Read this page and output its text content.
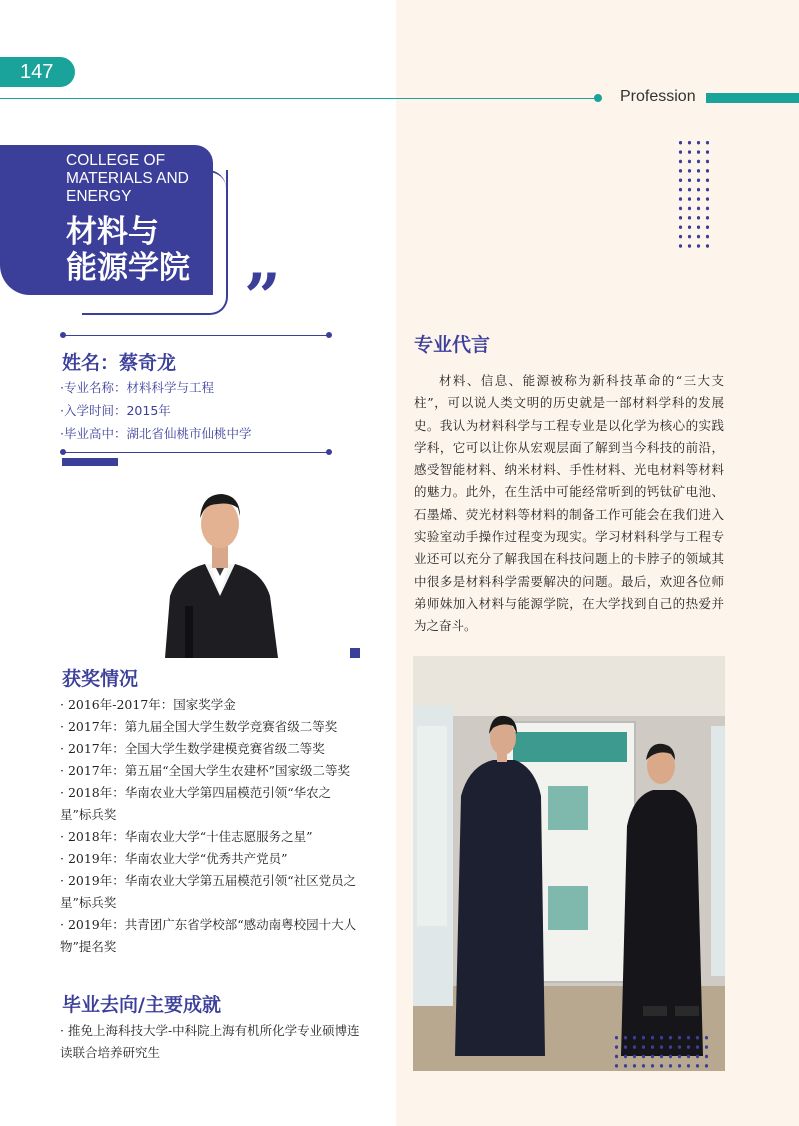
147
Profession
COLLEGE OF MATERIALS AND ENERGY
材料与
能源学院 ”
姓名：蔡奇龙
·专业名称：材料科学与工程
·入学时间：2015年
·毕业高中：湖北省仙桃市仙桃中学
获奖情况
· 2016年-2017年：国家奖学金
· 2017年：第九届全国大学生数学竞赛省级二等奖
· 2017年：全国大学生数学建模竞赛省级二等奖
· 2017年：第五届“全国大学生农建杯”国家级二等奖
· 2018年：华南农业大学第四届模范引领“华农之星”标兵奖
· 2018年：华南农业大学“十佳志愿服务之星”
· 2019年：华南农业大学“优秀共产党员”
· 2019年：华南农业大学第五届模范引领“社区党员之星”标兵奖
· 2019年：共青团广东省学校部“感动南粤校园十大人物”提名奖
毕业去向/主要成就
· 推免上海科技大学-中科院上海有机所化学专业硕博连读联合培养研究生
专业代言
材料、信息、能源被称为新科技革命的“三大支柱”，可以说人类文明的历史就是一部材料学科的发展史。我认为材料科学与工程专业是以化学为核心的实践学科，它可以让你从宏观层面了解到当今科技的前沿，感受智能材料、纳米材料、手性材料、光电材料等材料的魅力。此外，在生活中可能经常听到的钙钛矿电池、石墨烯、荧光材料等材料的制备工作可能会在我们进入实验室动手操作过程变为现实。学习材料科学与工程专业还可以充分了解我国在科技问题上的卡脖子的领域其中很多是材料科学需要解决的问题。最后，欢迎各位师弟师妹加入材料与能源学院，在大学找到自己的热爱并为之奋斗。
